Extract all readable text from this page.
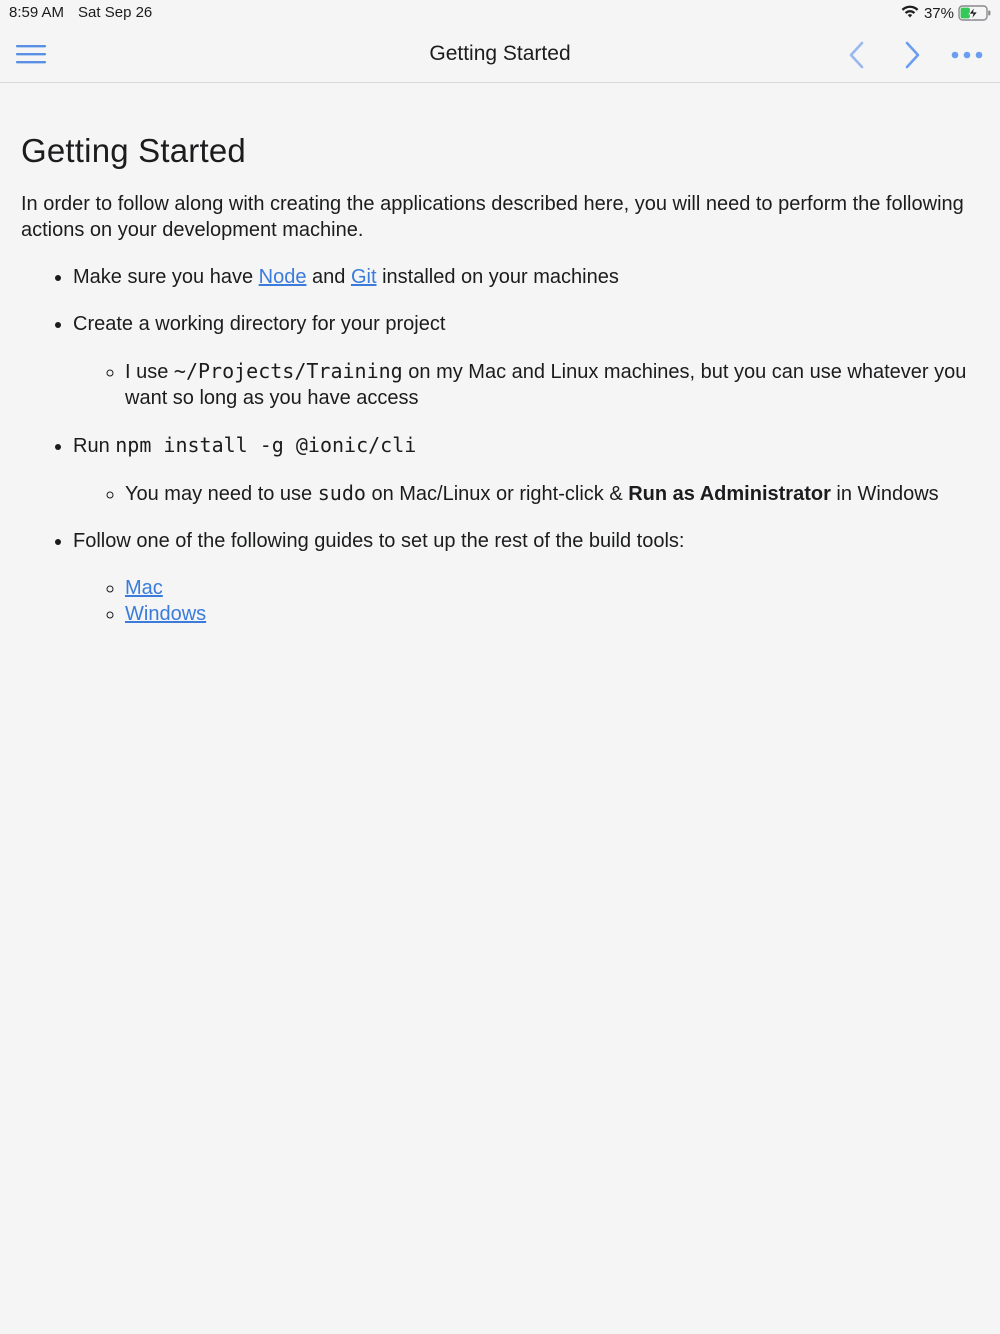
8:59 AM Sat Sep 26	37%
Getting Started
Getting Started

In order to follow along with creating the applications described here, you will need to perform the following actions on your development machine.

• Make sure you have Node and Git installed on your machines
• Create a working directory for your project
◦ I use ~/Projects/Training on my Mac and Linux machines, but you can use whatever you want so long as you have access
• Run npm install -g @ionic/cli
◦ You may need to use sudo on Mac/Linux or right-click & Run as Administrator in Windows
• Follow one of the following guides to set up the rest of the build tools:
◦ Mac
◦ Windows
